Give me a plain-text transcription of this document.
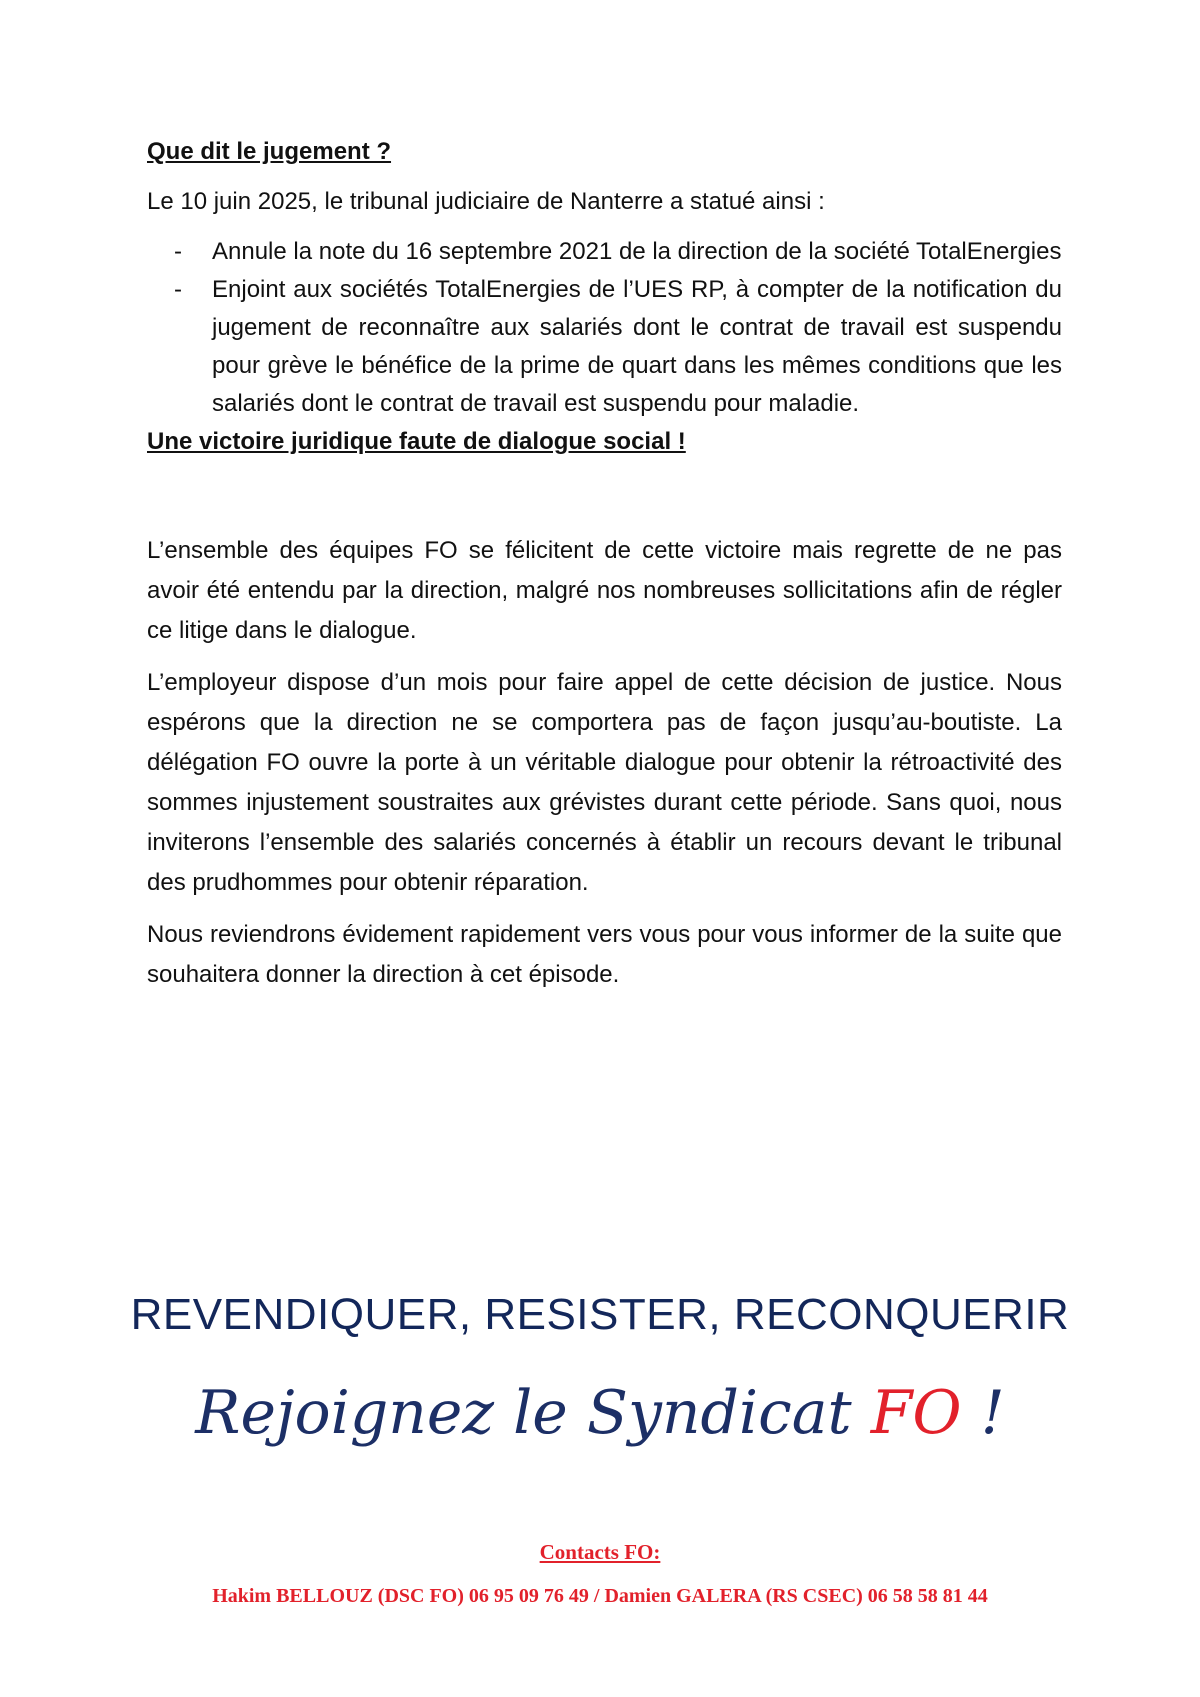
Que dit le jugement ?

Le 10 juin 2025, le tribunal judiciaire de Nanterre a statué ainsi :

- Annule la note du 16 septembre 2021 de la direction de la société TotalEnergies
- Enjoint aux sociétés TotalEnergies de l’UES RP, à compter de la notification du jugement de reconnaître aux salariés dont le contrat de travail est suspendu pour grève le bénéfice de la prime de quart dans les mêmes conditions que les salariés dont le contrat de travail est suspendu pour maladie.
Une victoire juridique faute de dialogue social !

L’ensemble des équipes FO se félicitent de cette victoire mais regrette de ne pas avoir été entendu par la direction, malgré nos nombreuses sollicitations afin de régler ce litige dans le dialogue.

L’employeur dispose d’un mois pour faire appel de cette décision de justice. Nous espérons que la direction ne se comportera pas de façon jusqu’au-boutiste. La délégation FO ouvre la porte à un véritable dialogue pour obtenir la rétroactivité des sommes injustement soustraites aux grévistes durant cette période. Sans quoi, nous inviterons l’ensemble des salariés concernés à établir un recours devant le tribunal des prudhommes pour obtenir réparation.

Nous reviendrons évidement rapidement vers vous pour vous informer de la suite que souhaitera donner la direction à cet épisode.

REVENDIQUER, RESISTER, RECONQUERIR
Rejoignez le Syndicat FO !
Contacts FO:
Hakim BELLOUZ (DSC FO) 06 95 09 76 49 / Damien GALERA (RS CSEC) 06 58 58 81 44
